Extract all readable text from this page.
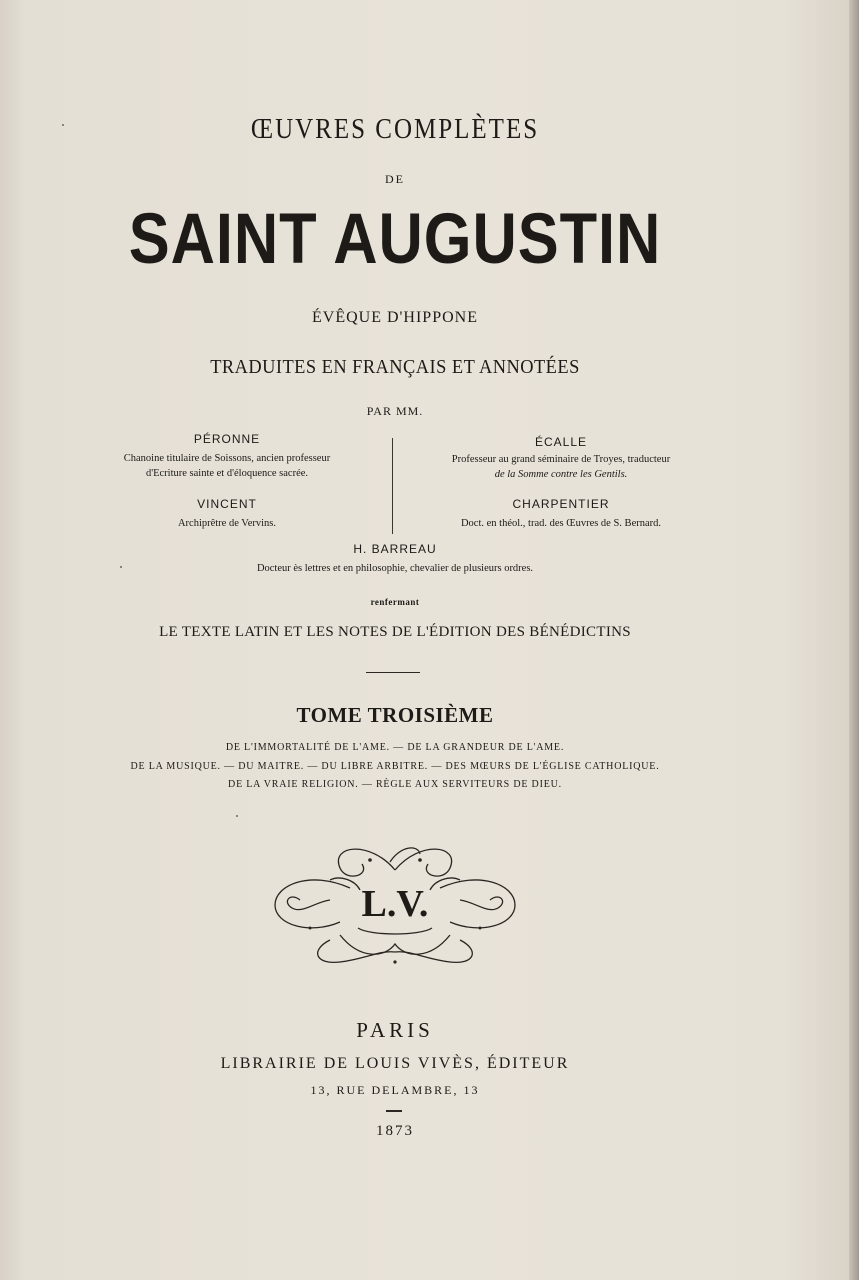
ŒUVRES COMPLÈTES
DE
SAINT AUGUSTIN
ÉVÊQUE D'HIPPONE
TRADUITES EN FRANÇAIS ET ANNOTÉES
PAR MM.
PÉRONNE
Chanoine titulaire de Soissons, ancien professeur
d'Ecriture sainte et d'éloquence sacrée.
VINCENT
Archiprêtre de Vervins.
ÉCALLE
Professeur au grand séminaire de Troyes, traducteur
de la Somme contre les Gentils.
CHARPENTIER
Doct. en théol., trad. des Œuvres de S. Bernard.
H. BARREAU
Docteur ès lettres et en philosophie, chevalier de plusieurs ordres.
renfermant
LE TEXTE LATIN ET LES NOTES DE L'ÉDITION DES BÉNÉDICTINS
TOME TROISIÈME
DE L'IMMORTALITÉ DE L'AME. — DE LA GRANDEUR DE L'AME.
DE LA MUSIQUE. — DU MAITRE. — DU LIBRE ARBITRE. — DES MŒURS DE L'ÉGLISE CATHOLIQUE.
DE LA VRAIE RELIGION. — RÈGLE AUX SERVITEURS DE DIEU.
L.V.
PARIS
LIBRAIRIE DE LOUIS VIVÈS, ÉDITEUR
13, RUE DELAMBRE, 13
1873
